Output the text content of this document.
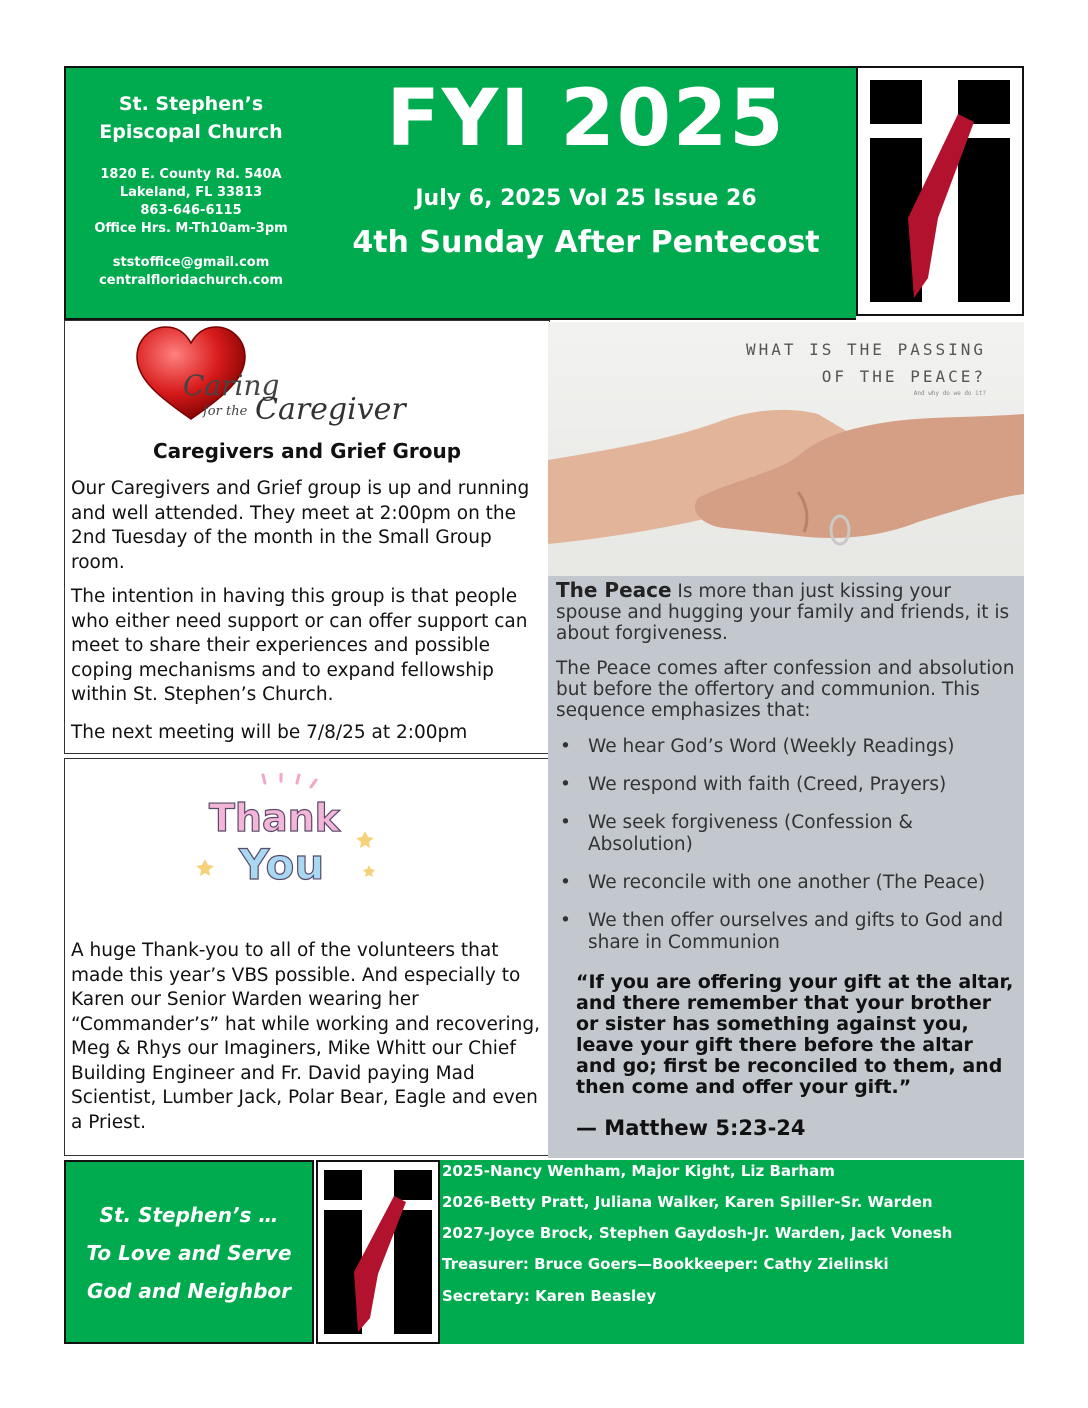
St. Stephen’s
Episcopal Church
1820 E. County Rd. 540A
Lakeland, FL 33813
863-646-6115
Office Hrs. M-Th10am-3pm
ststoffice@gmail.com
centralfloridachurch.com
FYI 2025
July 6, 2025 Vol 25 Issue 26
4th Sunday After Pentecost
Caring
for the Caregiver
Caregivers and Grief Group
Our Caregivers and Grief group is up and running and well attended. They meet at 2:00pm on the 2nd Tuesday of the month in the Small Group room.
The intention in having this group is that people who either need support or can offer support can meet to share their experiences and possible coping mechanisms and to expand fellowship within St. Stephen’s Church.
The next meeting will be 7/8/25 at 2:00pm
Thank
You
A huge Thank-you to all of the volunteers that made this year’s VBS possible. And especially to Karen our Senior Warden wearing her “Commander’s” hat while working and recovering, Meg & Rhys our Imaginers, Mike Whitt our Chief Building Engineer and Fr. David paying Mad Scientist, Lumber Jack, Polar Bear, Eagle and even a Priest.
WHAT IS THE PASSING
OF THE PEACE?
And why do we do it?
The Peace Is more than just kissing your spouse and hugging your family and friends, it is about forgiveness.
The Peace comes after confession and absolution but before the offertory and communion. This sequence emphasizes that:
• We hear God’s Word (Weekly Readings)
• We respond with faith (Creed, Prayers)
• We seek forgiveness (Confession & Absolution)
• We reconcile with one another (The Peace)
• We then offer ourselves and gifts to God and share in Communion
“If you are offering your gift at the altar, and there remember that your brother or sister has something against you, leave your gift there before the altar and go; first be reconciled to them, and then come and offer your gift.”
— Matthew 5:23-24
St. Stephen’s …
To Love and Serve
God and Neighbor
2025-Nancy Wenham, Major Kight, Liz Barham
2026-Betty Pratt, Juliana Walker, Karen Spiller-Sr. Warden
2027-Joyce Brock, Stephen Gaydosh-Jr. Warden, Jack Vonesh
Treasurer: Bruce Goers—Bookkeeper: Cathy Zielinski
Secretary: Karen Beasley
